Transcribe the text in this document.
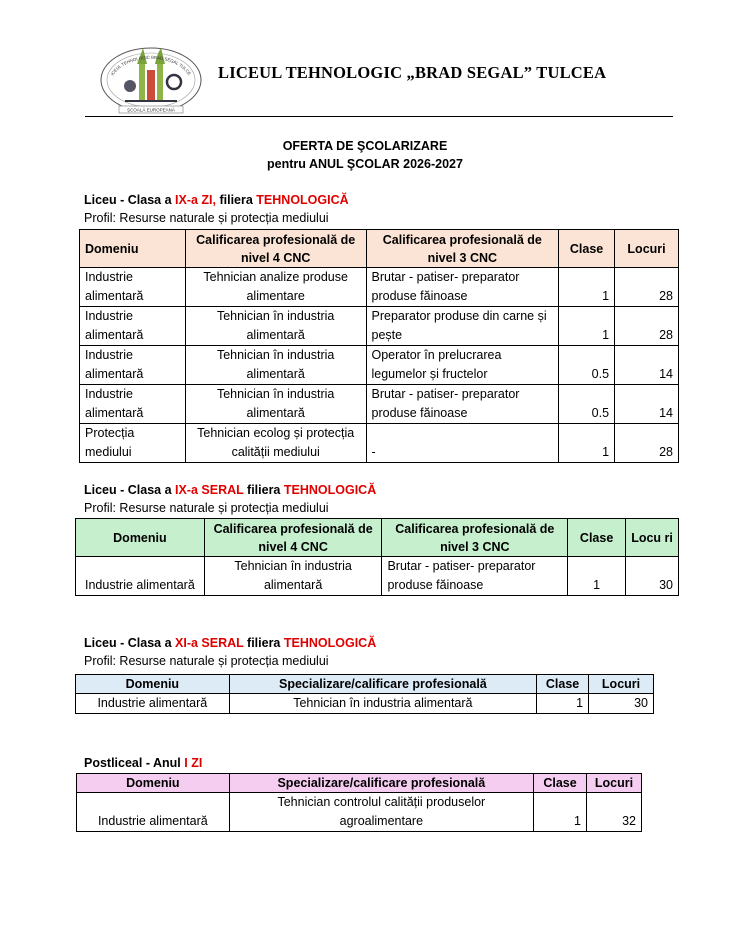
ȘCOALĂ EUROPEANĂ
ICEUL TEHNOLOGIC BRAD SEGAL TULCE LICEUL TEHNOLOGIC „BRAD SEGAL” TULCEA
OFERTA DE ŞCOLARIZARE
pentru ANUL ŞCOLAR 2026-2027
Liceu - Clasa a IX-a ZI, filiera TEHNOLOGICĂ
Profil: Resurse naturale și protecția mediului
Domeniu	Calificarea profesională de nivel 4 CNC	Calificarea profesională de nivel 3 CNC	Clase	Locuri
Industrie alimentară	Tehnician analize produse alimentare	Brutar - patiser- preparator produse făinoase	1	28
Industrie alimentară	Tehnician în industria alimentară	Preparator produse din carne și pește	1	28
Industrie alimentară	Tehnician în industria alimentară	Operator în prelucrarea legumelor și fructelor	0.5	14
Industrie alimentară	Tehnician în industria alimentară	Brutar - patiser- preparator produse făinoase	0.5	14
Protecția mediului	Tehnician ecolog și protecția calității mediului	-	1	28
Liceu - Clasa a IX-a SERAL filiera TEHNOLOGICĂ
Profil: Resurse naturale și protecția mediului
Domeniu	Calificarea profesională de nivel 4 CNC	Calificarea profesională de nivel 3 CNC	Clase	Locu ri
Industrie alimentară	Tehnician în industria alimentară	Brutar - patiser- preparator produse făinoase	1	30
Liceu - Clasa a XI-a SERAL filiera TEHNOLOGICĂ
Profil: Resurse naturale și protecția mediului
Domeniu	Specializare/calificare profesională	Clase	Locuri
Industrie alimentară	Tehnician în industria alimentară	1	30
Postliceal - Anul I ZI
Domeniu	Specializare/calificare profesională	Clase	Locuri
Industrie alimentară	Tehnician controlul calității produselor agroalimentare	1	32
